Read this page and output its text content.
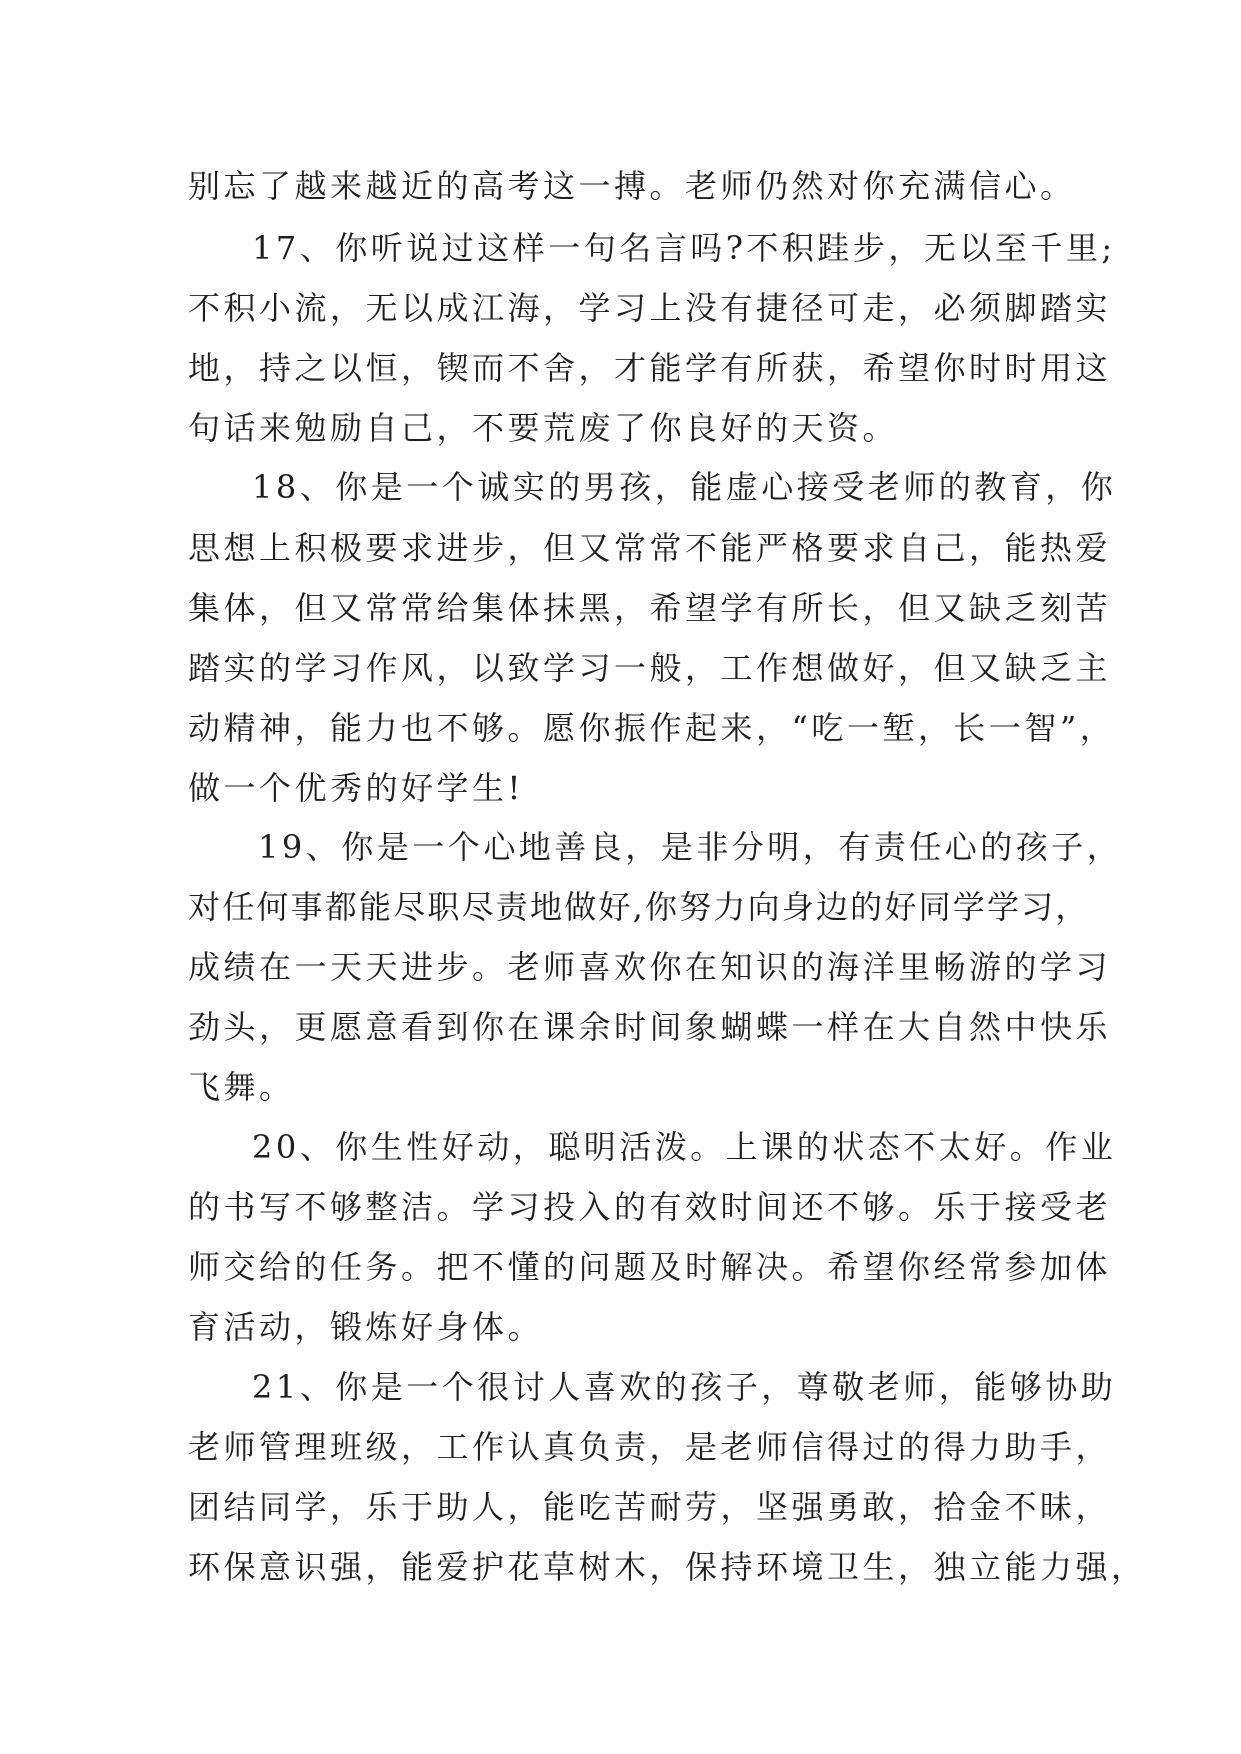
别忘了越来越近的高考这一搏。老师仍然对你充满信心。
17、你听说过这样一句名言吗?不积跬步，无以至千里;
不积小流，无以成江海，学习上没有捷径可走，必须脚踏实
地，持之以恒，锲而不舍，才能学有所获，希望你时时用这
句话来勉励自己，不要荒废了你良好的天资。
18、你是一个诚实的男孩，能虚心接受老师的教育，你
思想上积极要求进步，但又常常不能严格要求自己，能热爱
集体，但又常常给集体抹黑，希望学有所长，但又缺乏刻苦
踏实的学习作风，以致学习一般，工作想做好，但又缺乏主
动精神，能力也不够。愿你振作起来，“吃一堑，长一智”，
做一个优秀的好学生!
19、你是一个心地善良，是非分明，有责任心的孩子，
对任何事都能尽职尽责地做好,你努力向身边的好同学学习，
成绩在一天天进步。老师喜欢你在知识的海洋里畅游的学习
劲头，更愿意看到你在课余时间象蝴蝶一样在大自然中快乐
飞舞。
20、你生性好动，聪明活泼。上课的状态不太好。作业
的书写不够整洁。学习投入的有效时间还不够。乐于接受老
师交给的任务。把不懂的问题及时解决。希望你经常参加体
育活动，锻炼好身体。
21、你是一个很讨人喜欢的孩子，尊敬老师，能够协助
老师管理班级，工作认真负责，是老师信得过的得力助手，
团结同学，乐于助人，能吃苦耐劳，坚强勇敢，拾金不昧，
环保意识强，能爱护花草树木，保持环境卫生，独立能力强，
